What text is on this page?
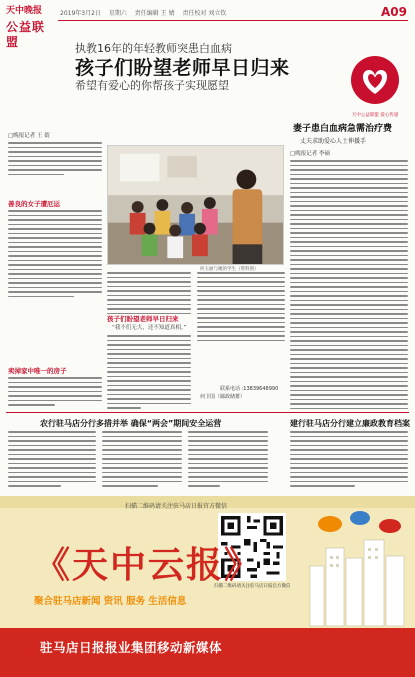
天中晚报
公益联盟
2019年3月2日 星期六 责任编辑 王 婧 责任校对 刘立钦	A09
执教16年的年轻教师突患白血病
孩子们盼望老师早日归来
希望有爱心的你帮孩子实现愿望
天中公益联盟 爱心传递
□晚报记者 王 婧
善良的女子遭厄运
卖掉家中唯一的房子
何玉丽与她的学生（资料图）
孩子们盼望老师早日归来
“我不们无大，还不知道真相。”
联系电话 :13839648990
何卫国（邮政储蓄）
妻子患白血病急需治疗费
丈夫求助爱心人士伸援手
□晚报记者 李硕
农行驻马店分行多措并举 确保“两会”期间安全运营	建行驻马店分行建立廉政教育档案
扫描二维码请关注驻马店日报官方微信
扫描二维码请关注驻马店日报官方微信
《天中云报》
聚合驻马店新闻 资讯 服务 生活信息
驻马店日报报业集团移动新媒体
